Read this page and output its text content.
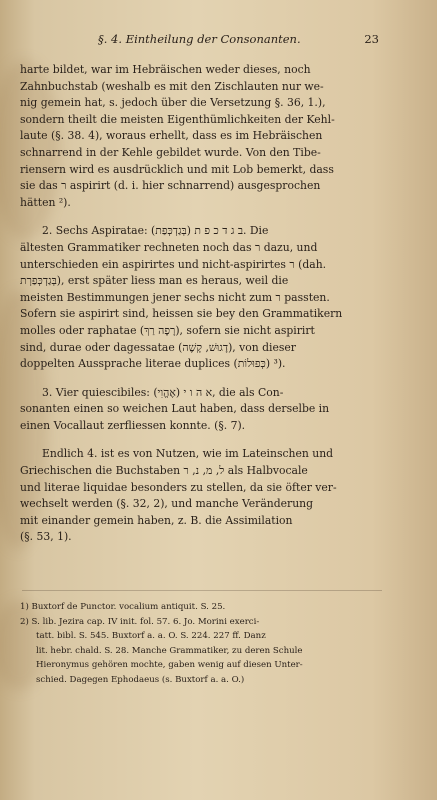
§. 4. Eintheilung der Consonanten.	23

harte bildet, war im Hebräischen weder dieses, noch

Zahnbuchstab (weshalb es mit den Zischlauten nur we-

nig gemein hat, s. jedoch über die Versetzung §. 36, 1.),

sondern theilt die meisten Eigenthümlichkeiten der Kehl-

laute (§. 38. 4), woraus erhellt, dass es im Hebräischen

schnarrend in der Kehle gebildet wurde. Von den Tibe-

riensern wird es ausdrücklich und mit Lob bemerkt, dass

sie das ר aspirirt (d. i. hier schnarrend) ausgesprochen

hätten ²).

2. Sechs Aspiratae: (בְּגַדְכְּפַת) ב ג ד כ פ ת. Die

ältesten Grammatiker rechneten noch das ר dazu, und

unterschieden ein aspirirtes und nicht-aspirirtes ר (dah.

בְּגַדְכְּפַרְת), erst später liess man es heraus, weil die

meisten Bestimmungen jener sechs nicht zum ר passten.

Sofern sie aspirirt sind, heissen sie bey den Grammatikern

molles oder raphatae (רָפֶה רַךְ), sofern sie nicht aspirirt

sind, durae oder dagessatae (דָגוּשׁ, קָשֶׁה), von dieser

doppelten Aussprache literae duplices (כְּפוּלוֹת) ³).

3. Vier quiescibiles: א ה ו י (אֶהֱוִי), die als Con-

sonanten einen so weichen Laut haben, dass derselbe in

einen Vocallaut zerfliessen konnte. (§. 7).

Endlich 4. ist es von Nutzen, wie im Lateinschen und

Griechischen die Buchstaben ל, מ, נ, ר als Halbvocale

und literae liquidae besonders zu stellen, da sie öfter ver-

wechselt werden (§. 32, 2), und manche Veränderung

mit einander gemein haben, z. B. die Assimilation

(§. 53, 1).

1) Buxtorf de Punctor. vocalium antiquit. S. 25.

2) S. lib. Jezira cap. IV init. fol. 57. 6. Jo. Morini exerci-

tatt. bibl. S. 545. Buxtorf a. a. O. S. 224. 227 ff. Danz

lit. hebr. chald. S. 28. Manche Grammatiker, zu deren Schule

Hieronymus gehören mochte, gaben wenig auf diesen Unter-

schied. Dagegen Ephodaeus (s. Buxtorf a. a. O.)
